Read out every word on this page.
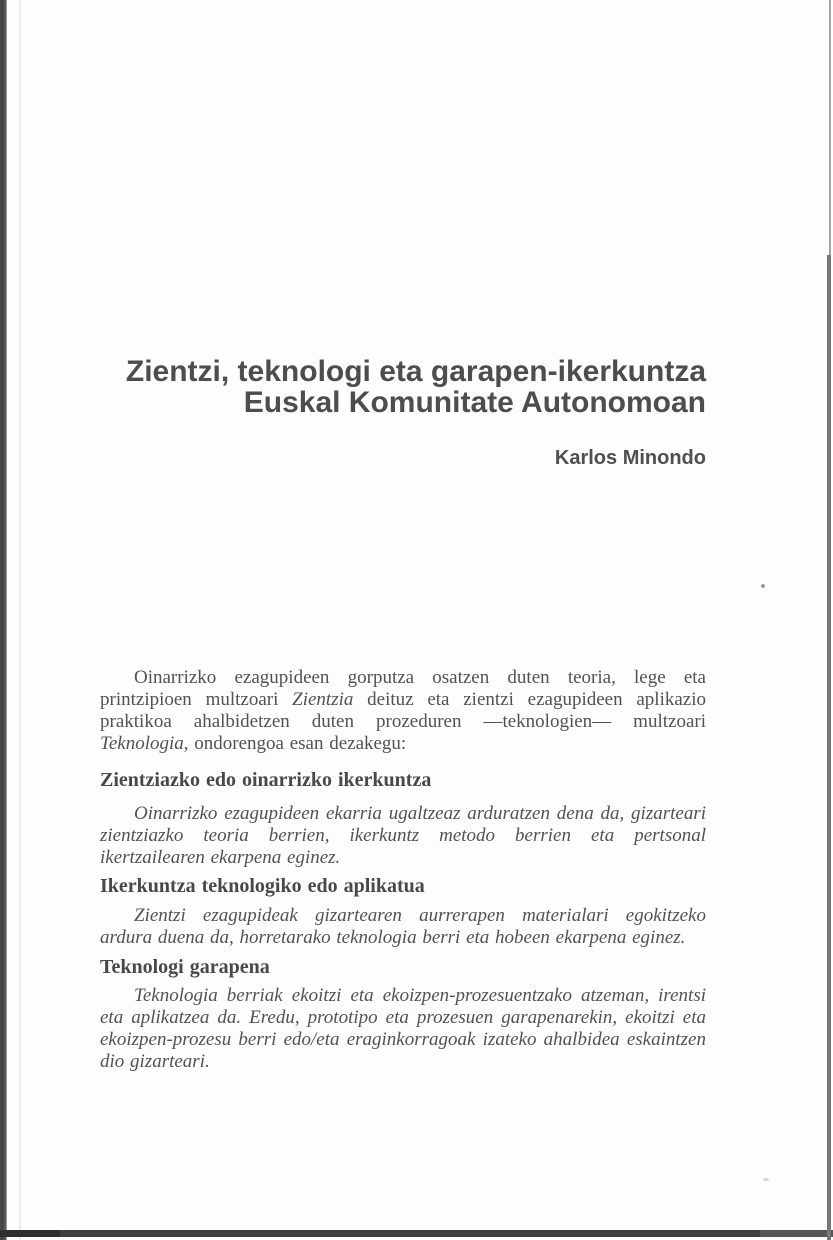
Zientzi, teknologi eta garapen-ikerkuntza
Euskal Komunitate Autonomoan
Karlos Minondo

Oinarrizko ezagupideen gorputza osatzen duten teoria, lege eta printzipioen multzoari Zientzia deituz eta zientzi ezagupideen aplikazio praktikoa ahalbidetzen duten prozeduren —teknologien— multzoari Teknologia, ondorengoa esan dezakegu:

Zientziazko edo oinarrizko ikerkuntza

Oinarrizko ezagupideen ekarria ugaltzeaz arduratzen dena da, gizarteari zientziazko teoria berrien, ikerkuntz metodo berrien eta pertsonal ikertzailearen ekarpena eginez.

Ikerkuntza teknologiko edo aplikatua

Zientzi ezagupideak gizartearen aurrerapen materialari egokitzeko ardura duena da, horretarako teknologia berri eta hobeen ekarpena eginez.

Teknologi garapena

Teknologia berriak ekoitzi eta ekoizpen-prozesuentzako atzeman, irentsi eta aplikatzea da. Eredu, prototipo eta prozesuen garapenarekin, ekoitzi eta ekoizpen-prozesu berri edo/eta eraginkorragoak izateko ahalbidea eskaintzen dio gizarteari.
